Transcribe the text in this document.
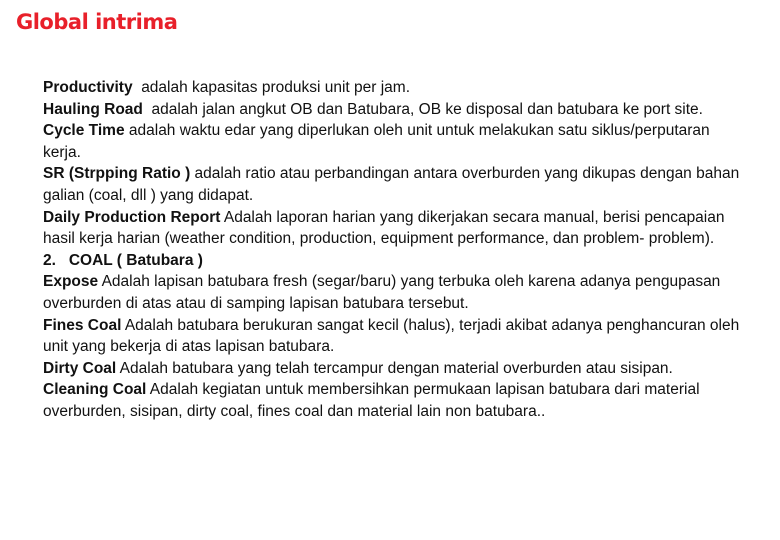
Global intrima

Productivity  adalah kapasitas produksi unit per jam.

Hauling Road  adalah jalan angkut OB dan Batubara, OB ke disposal dan batubara ke port site.

Cycle Time adalah waktu edar yang diperlukan oleh unit untuk melakukan satu siklus/perputaran kerja.

SR (Strpping Ratio ) adalah ratio atau perbandingan antara overburden yang dikupas dengan bahan galian (coal, dll ) yang didapat.

Daily Production Report Adalah laporan harian yang dikerjakan secara manual, berisi pencapaian hasil kerja harian (weather condition, production, equipment performance, dan problem- problem).

2.   COAL ( Batubara )

Expose Adalah lapisan batubara fresh (segar/baru) yang terbuka oleh karena adanya pengupasan overburden di atas atau di samping lapisan batubara tersebut.

Fines Coal Adalah batubara berukuran sangat kecil (halus), terjadi akibat adanya penghancuran oleh unit yang bekerja di atas lapisan batubara.

Dirty Coal Adalah batubara yang telah tercampur dengan material overburden atau sisipan.

Cleaning Coal Adalah kegiatan untuk membersihkan permukaan lapisan batubara dari material  overburden, sisipan, dirty coal, fines coal dan material lain non batubara..
